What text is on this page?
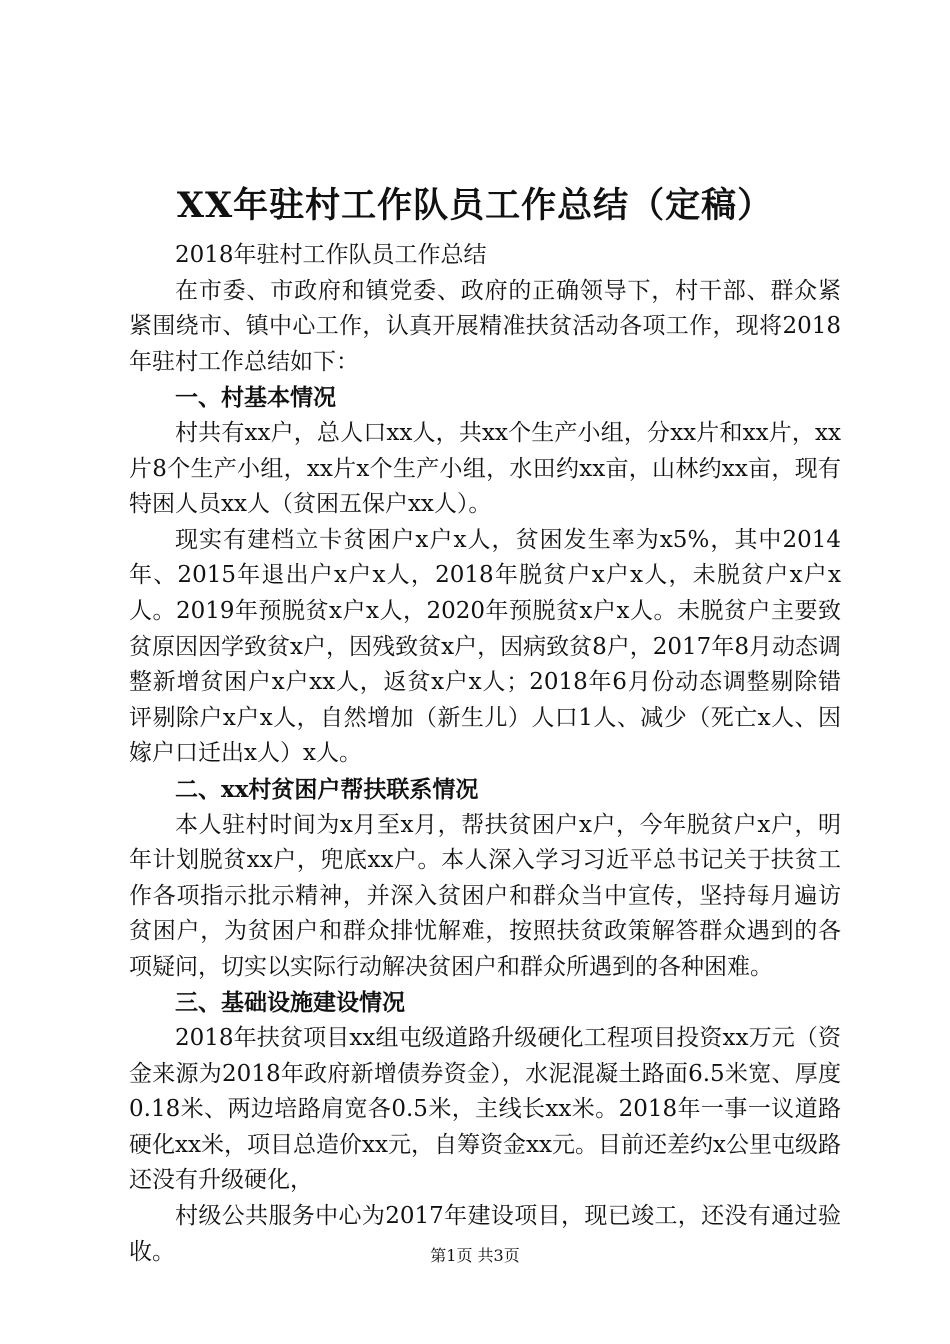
XX年驻村工作队员工作总结（定稿）

2018年驻村工作队员工作总结

在市委、市政府和镇党委、政府的正确领导下，村干部、群众紧紧围绕市、镇中心工作，认真开展精准扶贫活动各项工作，现将2018年驻村工作总结如下：

一、村基本情况

村共有xx户，总人口xx人，共xx个生产小组，分xx片和xx片，xx片8个生产小组，xx片x个生产小组，水田约xx亩，山林约xx亩，现有特困人员xx人（贫困五保户xx人）。

现实有建档立卡贫困户x户x人，贫困发生率为x5%，其中2014年、2015年退出户x户x人，2018年脱贫户x户x人，未脱贫户x户x人。2019年预脱贫x户x人，2020年预脱贫x户x人。未脱贫户主要致贫原因因学致贫x户，因残致贫x户，因病致贫8户，2017年8月动态调整新增贫困户x户xx人，返贫x户x人；2018年6月份动态调整剔除错评剔除户x户x人，自然增加（新生儿）人口1人、减少（死亡x人、因嫁户口迁出x人）x人。

二、xx村贫困户帮扶联系情况

本人驻村时间为x月至x月，帮扶贫困户x户，今年脱贫户x户，明年计划脱贫xx户，兜底xx户。本人深入学习习近平总书记关于扶贫工作各项指示批示精神，并深入贫困户和群众当中宣传，坚持每月遍访贫困户，为贫困户和群众排忧解难，按照扶贫政策解答群众遇到的各项疑问，切实以实际行动解决贫困户和群众所遇到的各种困难。

三、基础设施建设情况

2018年扶贫项目xx组屯级道路升级硬化工程项目投资xx万元（资金来源为2018年政府新增债券资金），水泥混凝土路面6.5米宽、厚度0.18米、两边培路肩宽各0.5米，主线长xx米。2018年一事一议道路硬化xx米，项目总造价xx元，自筹资金xx元。目前还差约x公里屯级路还没有升级硬化，

村级公共服务中心为2017年建设项目，现已竣工，还没有通过验收。	第1页 共3页
